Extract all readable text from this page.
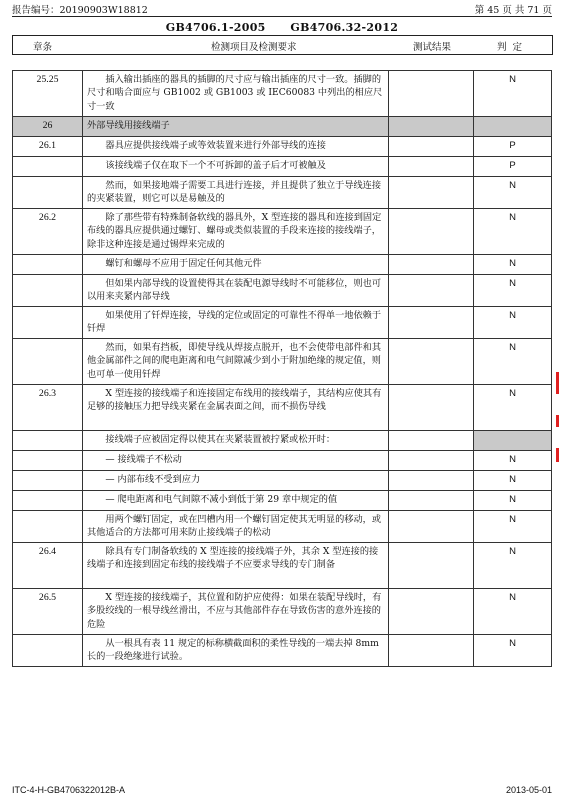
报告编号：20190903W18812	第 45 页 共 71 页
GB4706.1-2005      GB4706.32-2012
章条	检测项目及检测要求	测试结果	判  定
25.25	插入输出插座的器具的插脚的尺寸应与输出插座的尺寸一致。插脚的尺寸和啮合面应与 GB1002 或 GB1003 或 IEC60083 中列出的相应尺寸一致		N
26	外部导线用接线端子		
26.1	器具应提供接线端子或等效装置来进行外部导线的连接		P
	该接线端子仅在取下一个不可拆卸的盖子后才可被触及		P
	然而，如果接地端子需要工具进行连接，并且提供了独立于导线连接的夹紧装置，则它可以是易触及的		N
26.2	除了那些带有特殊制备软线的器具外，X 型连接的器具和连接到固定布线的器具应提供通过螺钉、螺母或类似装置的手段来连接的接线端子，除非这种连接是通过锡焊来完成的		N
	螺钉和螺母不应用于固定任何其他元件		N
	但如果内部导线的设置使得其在装配电源导线时不可能移位，则也可以用来夹紧内部导线		N
	如果使用了钎焊连接，导线的定位或固定的可靠性不得单一地依赖于钎焊		N
	然而，如果有挡板，即使导线从焊接点脱开，也不会使带电部件和其他金属部件之间的爬电距离和电气间隙减少到小于附加绝缘的规定值，则也可单一使用钎焊		N
26.3	X 型连接的接线端子和连接固定布线用的接线端子，其结构应使其有足够的接触压力把导线夹紧在金属表面之间，而不损伤导线		N
	接线端子应被固定得以使其在夹紧装置被拧紧或松开时：		
	— 接线端子不松动		N
	— 内部布线不受到应力		N
	— 爬电距离和电气间隙不减小到低于第 29 章中规定的值		N
	用两个螺钉固定，或在凹槽内用一个螺钉固定使其无明显的移动，或其他适合的方法都可用来防止接线端子的松动		N
26.4	除具有专门制备软线的 X 型连接的接线端子外，其余 X 型连接的接线端子和连接到固定布线的接线端子不应要求导线的专门制备		N
26.5	X 型连接的接线端子，其位置和防护应使得：如果在装配导线时，有多股绞线的一根导线丝滑出，不应与其他部件存在导致伤害的意外连接的危险		N
	从一根具有表 11 规定的标称横截面积的柔性导线的一端去掉 8mm 长的一段绝缘进行试验。		N
ITC-4-H-GB4706322012B-A	2013-05-01
